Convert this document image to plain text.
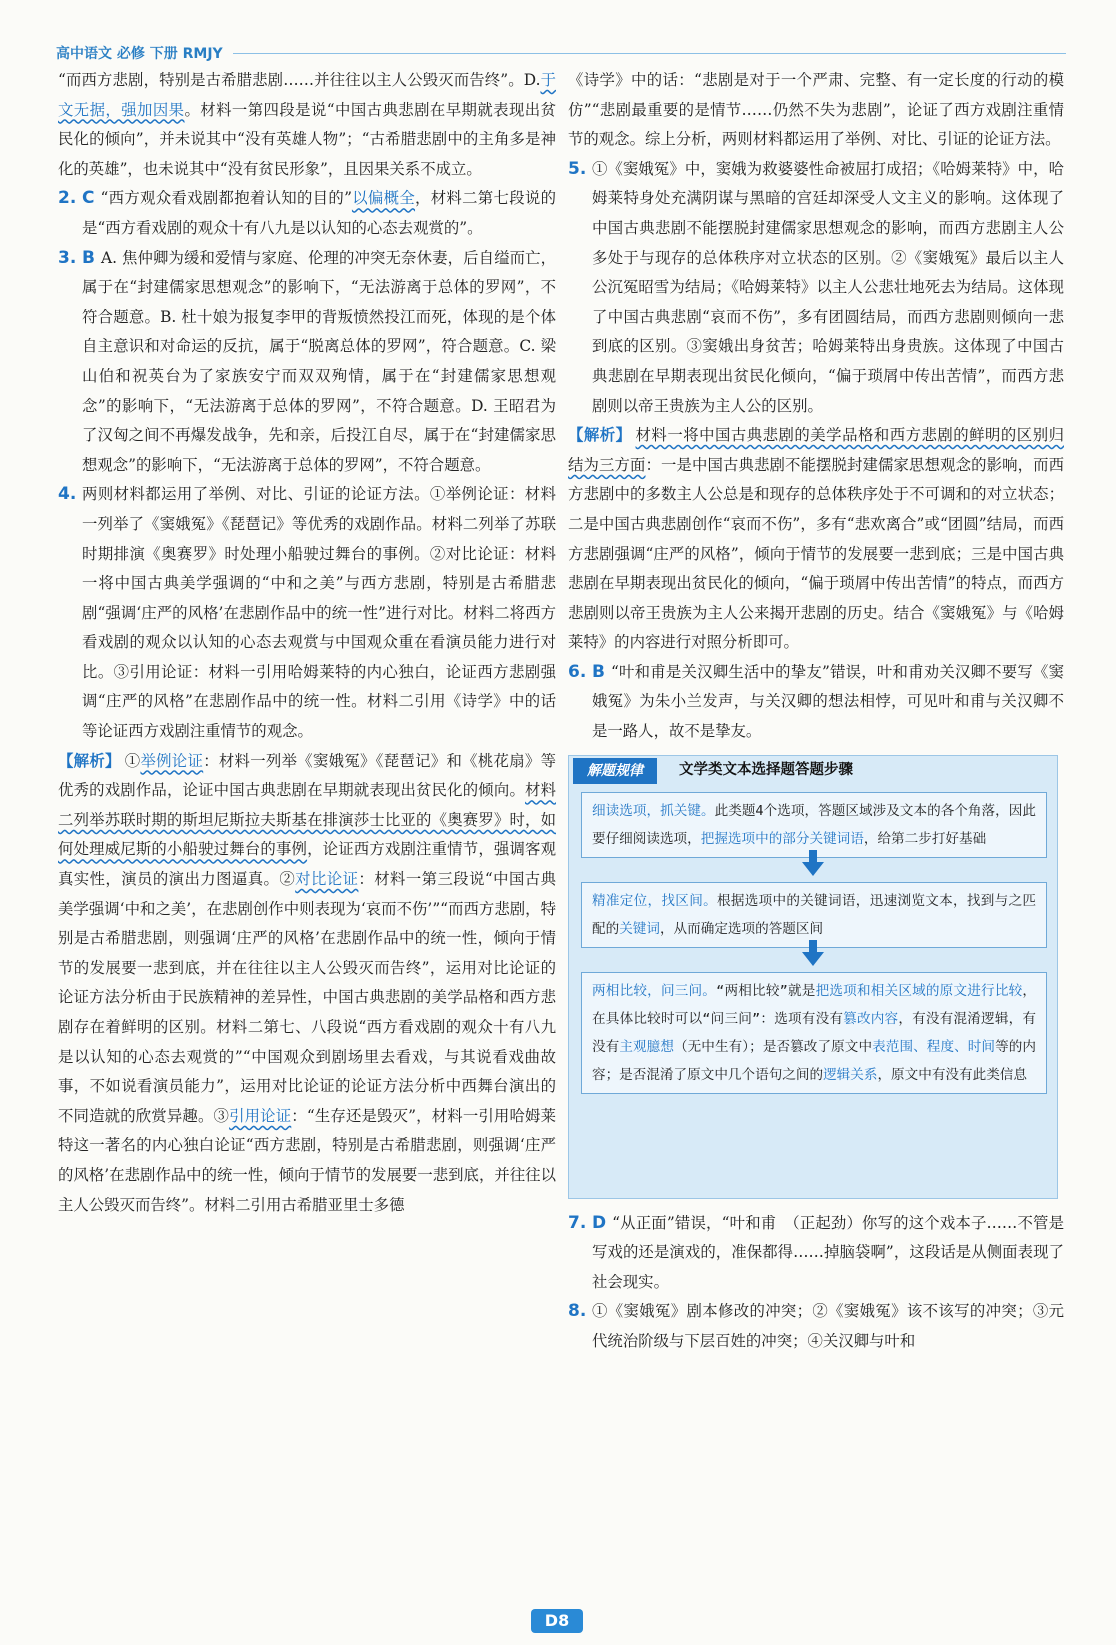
高中语文 必修 下册 RMJY

“而西方悲剧，特别是古希腊悲剧……并往往以主人公毁灭而告终”。D.于文无据，强加因果。材料一第四段是说“中国古典悲剧在早期就表现出贫民化的倾向”，并未说其中“没有英雄人物”；“古希腊悲剧中的主角多是神化的英雄”，也未说其中“没有贫民形象”，且因果关系不成立。

2. C “西方观众看戏剧都抱着认知的目的”以偏概全，材料二第七段说的是“西方看戏剧的观众十有八九是以认知的心态去观赏的”。
3. B A. 焦仲卿为缓和爱情与家庭、伦理的冲突无奈休妻，后自缢而亡，属于在“封建儒家思想观念”的影响下，“无法游离于总体的罗网”，不符合题意。B. 杜十娘为报复李甲的背叛愤然投江而死，体现的是个体自主意识和对命运的反抗，属于“脱离总体的罗网”，符合题意。C. 梁山伯和祝英台为了家族安宁而双双殉情，属于在“封建儒家思想观念”的影响下，“无法游离于总体的罗网”，不符合题意。D. 王昭君为了汉匈之间不再爆发战争，先和亲，后投江自尽，属于在“封建儒家思想观念”的影响下，“无法游离于总体的罗网”，不符合题意。
4. 两则材料都运用了举例、对比、引证的论证方法。①举例论证：材料一列举了《窦娥冤》《琵琶记》等优秀的戏剧作品。材料二列举了苏联时期排演《奥赛罗》时处理小船驶过舞台的事例。②对比论证：材料一将中国古典美学强调的“中和之美”与西方悲剧，特别是古希腊悲剧“强调‘庄严的风格’在悲剧作品中的统一性”进行对比。材料二将西方看戏剧的观众以认知的心态去观赏与中国观众重在看演员能力进行对比。③引用论证：材料一引用哈姆莱特的内心独白，论证西方悲剧强调“庄严的风格”在悲剧作品中的统一性。材料二引用《诗学》中的话等论证西方戏剧注重情节的观念。

【解析】 ①举例论证：材料一列举《窦娥冤》《琵琶记》和《桃花扇》等优秀的戏剧作品，论证中国古典悲剧在早期就表现出贫民化的倾向。材料二列举苏联时期的斯坦尼斯拉夫斯基在排演莎士比亚的《奥赛罗》时，如何处理威尼斯的小船驶过舞台的事例，论证西方戏剧注重情节，强调客观真实性，演员的演出力图逼真。②对比论证：材料一第三段说“中国古典美学强调‘中和之美’，在悲剧创作中则表现为‘哀而不伤’”“而西方悲剧，特别是古希腊悲剧，则强调‘庄严的风格’在悲剧作品中的统一性，倾向于情节的发展要一悲到底，并在往往以主人公毁灭而告终”，运用对比论证的论证方法分析由于民族精神的差异性，中国古典悲剧的美学品格和西方悲剧存在着鲜明的区别。材料二第七、八段说“西方看戏剧的观众十有八九是以认知的心态去观赏的”“中国观众到剧场里去看戏，与其说看戏曲故事，不如说看演员能力”，运用对比论证的论证方法分析中西舞台演出的不同造就的欣赏异趣。③引用论证：“生存还是毁灭”，材料一引用哈姆莱特这一著名的内心独白论证“西方悲剧，特别是古希腊悲剧，则强调‘庄严的风格’在悲剧作品中的统一性，倾向于情节的发展要一悲到底，并往往以主人公毁灭而告终”。材料二引用古希腊亚里士多德

《诗学》中的话：“悲剧是对于一个严肃、完整、有一定长度的行动的模仿”“悲剧最重要的是情节……仍然不失为悲剧”，论证了西方戏剧注重情节的观念。综上分析，两则材料都运用了举例、对比、引证的论证方法。

5. ①《窦娥冤》中，窦娥为救婆婆性命被屈打成招；《哈姆莱特》中，哈姆莱特身处充满阴谋与黑暗的宫廷却深受人文主义的影响。这体现了中国古典悲剧不能摆脱封建儒家思想观念的影响，而西方悲剧主人公多处于与现存的总体秩序对立状态的区别。②《窦娥冤》最后以主人公沉冤昭雪为结局；《哈姆莱特》以主人公悲壮地死去为结局。这体现了中国古典悲剧“哀而不伤”，多有团圆结局，而西方悲剧则倾向一悲到底的区别。③窦娥出身贫苦；哈姆莱特出身贵族。这体现了中国古典悲剧在早期表现出贫民化倾向，“偏于琐屑中传出苦情”，而西方悲剧则以帝王贵族为主人公的区别。

【解析】 材料一将中国古典悲剧的美学品格和西方悲剧的鲜明的区别归结为三方面：一是中国古典悲剧不能摆脱封建儒家思想观念的影响，而西方悲剧中的多数主人公总是和现存的总体秩序处于不可调和的对立状态；二是中国古典悲剧创作“哀而不伤”，多有“悲欢离合”或“团圆”结局，而西方悲剧强调“庄严的风格”，倾向于情节的发展要一悲到底；三是中国古典悲剧在早期表现出贫民化的倾向，“偏于琐屑中传出苦情”的特点，而西方悲剧则以帝王贵族为主人公来揭开悲剧的历史。结合《窦娥冤》与《哈姆莱特》的内容进行对照分析即可。

6. B “叶和甫是关汉卿生活中的挚友”错误，叶和甫劝关汉卿不要写《窦娥冤》为朱小兰发声，与关汉卿的想法相悖，可见叶和甫与关汉卿不是一路人，故不是挚友。
解题规律	文学类文本选择题答题步骤
细读选项，抓关键。此类题4个选项，答题区域涉及文本的各个角落，因此要仔细阅读选项，把握选项中的部分关键词语，给第二步打好基础
精准定位，找区间。根据选项中的关键词语，迅速浏览文本，找到与之匹配的关键词，从而确定选项的答题区间
两相比较，问三问。“两相比较”就是把选项和相关区域的原文进行比较，在具体比较时可以“问三问”：选项有没有篡改内容，有没有混淆逻辑，有没有主观臆想（无中生有）；是否篡改了原文中表范围、程度、时间等的内容；是否混淆了原文中几个语句之间的逻辑关系，原文中有没有此类信息
7. D “从正面”错误，“叶和甫　（正起劲）你写的这个戏本子……不管是写戏的还是演戏的，准保都得……掉脑袋啊”，这段话是从侧面表现了社会现实。
8. ①《窦娥冤》剧本修改的冲突；②《窦娥冤》该不该写的冲突；③元代统治阶级与下层百姓的冲突；④关汉卿与叶和
D8
